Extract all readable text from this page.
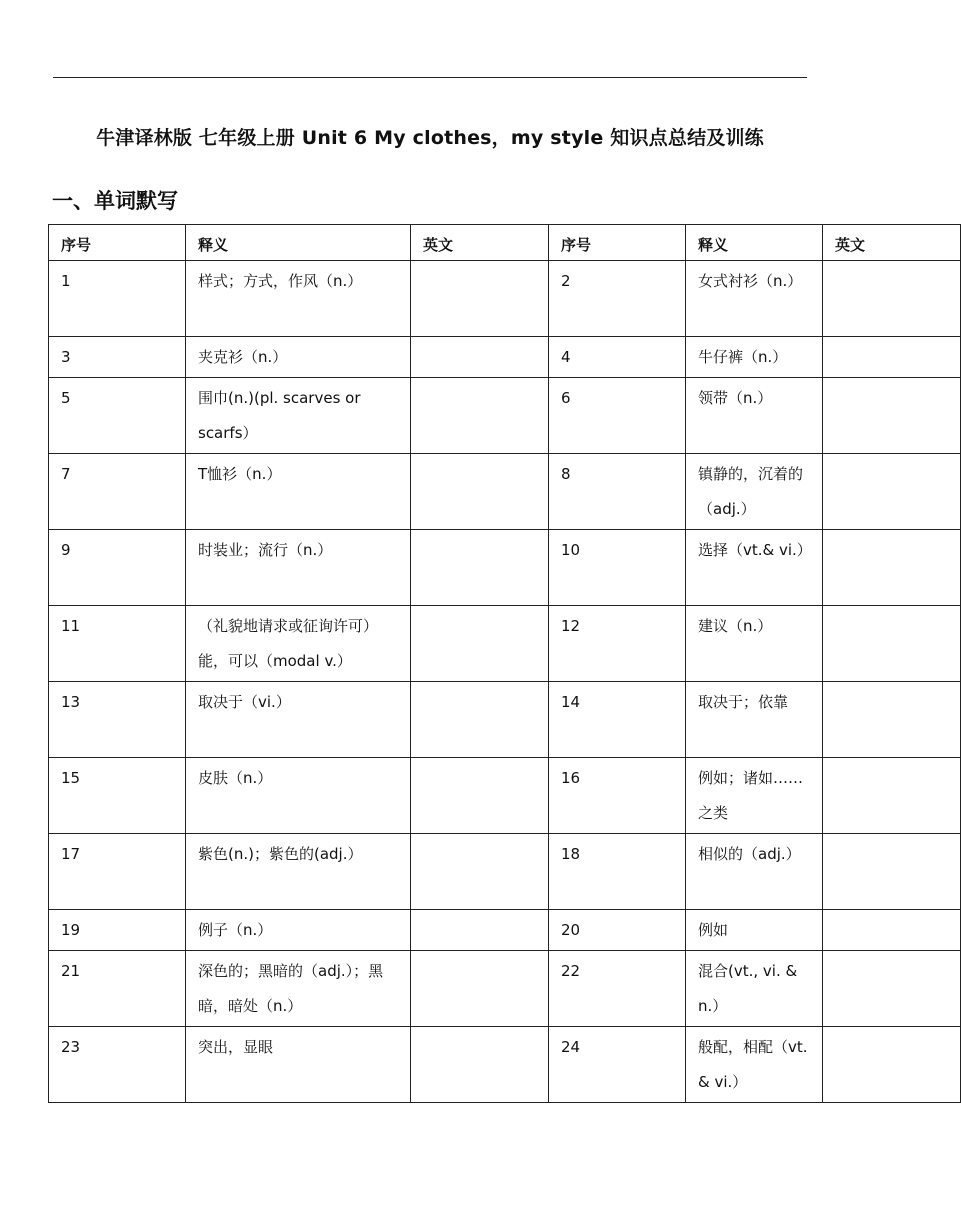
牛津译林版 七年级上册 Unit 6 My clothes，my style 知识点总结及训练
一、单词默写
序号	释义	英文	序号	释义	英文
1	样式；方式，作风（n.）		2	女式衬衫（n.）	
3	夹克衫（n.）		4	牛仔裤（n.）	
5	围巾(n.)(pl. scarves or scarfs）		6	领带（n.）	
7	T恤衫（n.）		8	镇静的，沉着的（adj.）	
9	时装业；流行（n.）		10	选择（vt.& vi.）	
11	（礼貌地请求或征询许可）能，可以（modal v.）		12	建议（n.）	
13	取决于（vi.）		14	取决于；依靠	
15	皮肤（n.）		16	例如；诸如……之类	
17	紫色(n.)；紫色的(adj.）		18	相似的（adj.）	
19	例子（n.）		20	例如	
21	深色的；黑暗的（adj.）；黑暗，暗处（n.）		22	混合(vt., vi. & n.）	
23	突出，显眼		24	般配，相配（vt. & vi.）	
